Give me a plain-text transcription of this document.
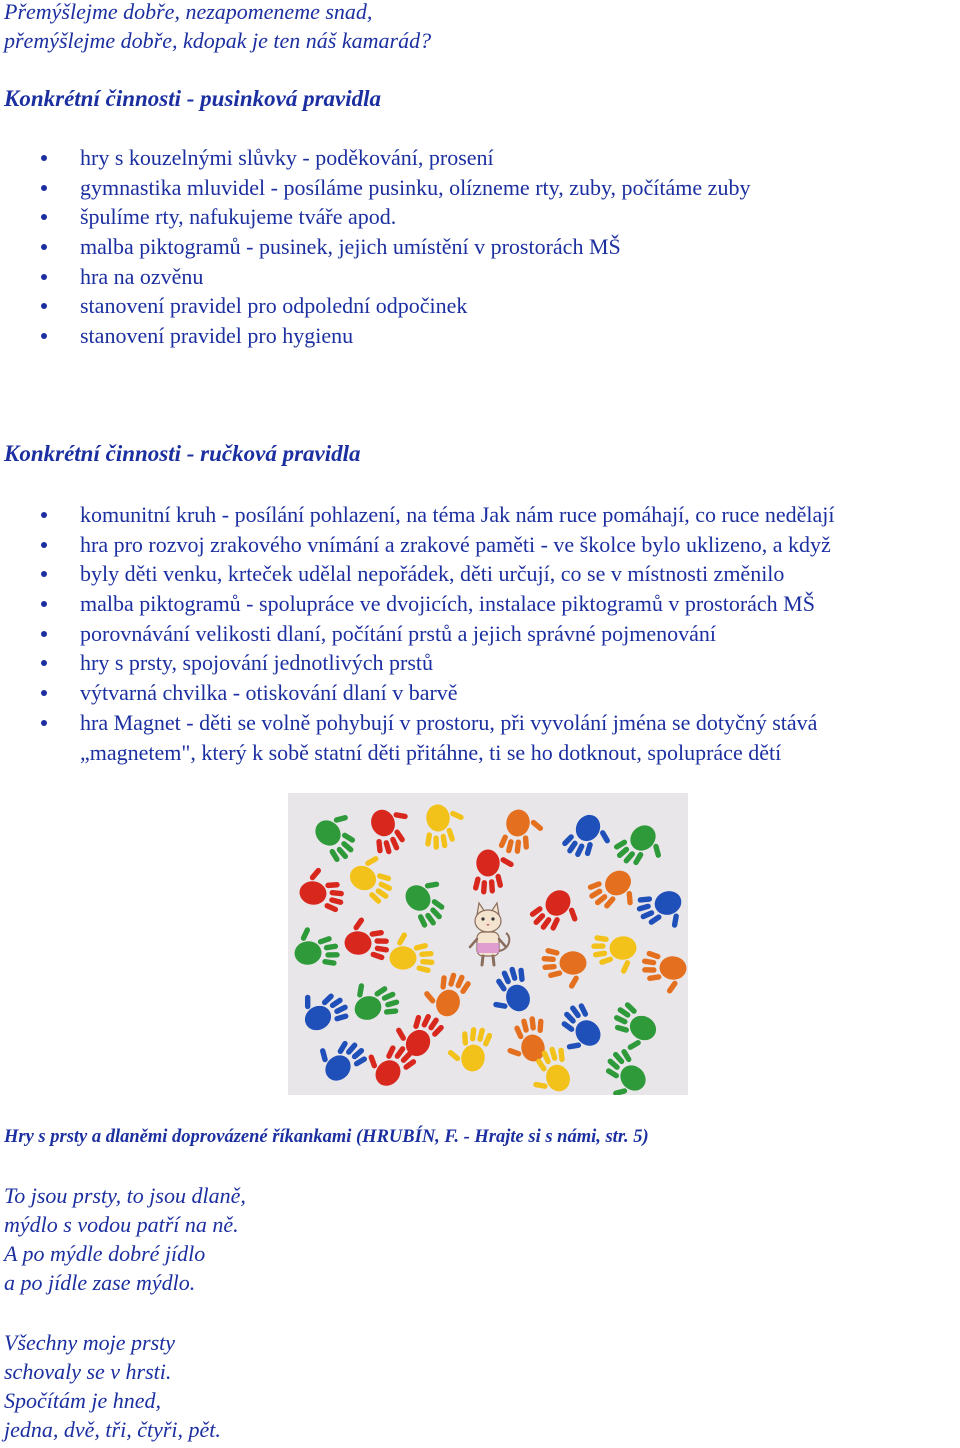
Přemýšlejme dobře, nezapomeneme snad,
přemýšlejme dobře, kdopak je ten náš kamarád?
Konkrétní činnosti - pusinková pravidla
hry s kouzelnými slůvky - poděkování, prosení
gymnastika mluvidel - posíláme pusinku, olízneme rty, zuby, počítáme zuby
špulíme rty, nafukujeme tváře apod.
malba piktogramů - pusinek, jejich umístění v prostorách MŠ
hra na ozvěnu
stanovení pravidel pro odpolední odpočinek
stanovení pravidel pro hygienu
Konkrétní činnosti - ručková pravidla
komunitní kruh - posílání pohlazení, na téma Jak nám ruce pomáhají, co ruce nedělají
hra pro rozvoj zrakového vnímání a zrakové paměti - ve školce bylo uklizeno, a když
byly děti venku, krteček udělal nepořádek, děti určují, co se v místnosti změnilo
malba piktogramů - spolupráce ve dvojicích, instalace piktogramů v prostorách MŠ
porovnávání velikosti dlaní, počítání prstů a jejich správné pojmenování
hry s prsty, spojování jednotlivých prstů
výtvarná chvilka - otiskování dlaní v barvě
hra Magnet - děti se volně pohybují v prostoru, při vyvolání jména se dotyčný stává
„magnetem", který k sobě statní děti přitáhne, ti se ho dotknout, spolupráce dětí
Hry s prsty a dlaněmi doprovázené říkankami (HRUBÍN, F. - Hrajte si s námi, str. 5)
To jsou prsty, to jsou dlaně,
mýdlo s vodou patří na ně.
A po mýdle dobré jídlo
a po jídle zase mýdlo.
Všechny moje prsty
schovaly se v hrsti.
Spočítám je hned,
jedna, dvě, tři, čtyři, pět.
